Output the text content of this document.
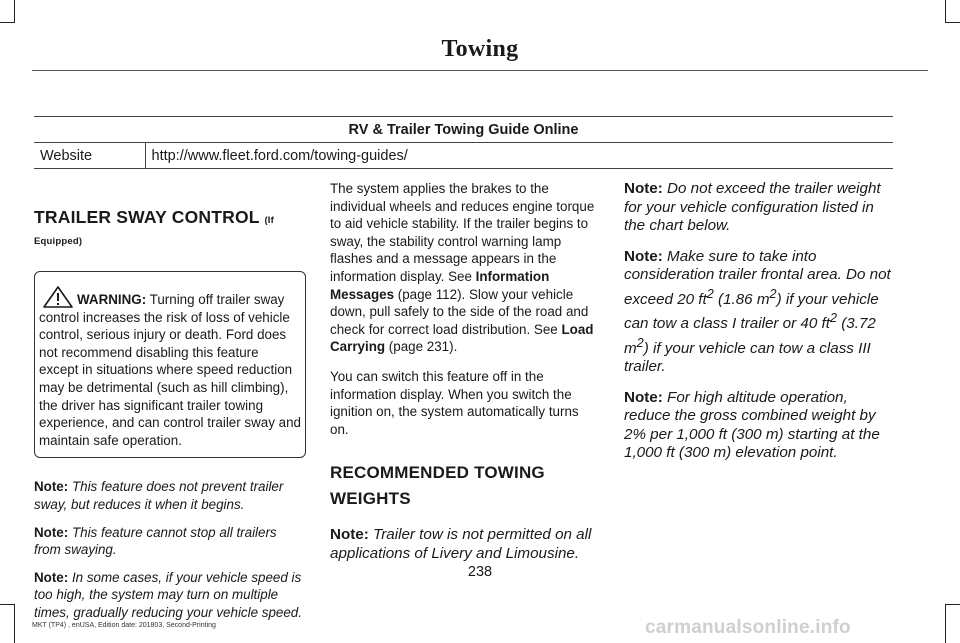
Towing
RV & Trailer Towing Guide Online
Website	http://www.fleet.ford.com/towing-guides/
TRAILER SWAY CONTROL (If Equipped)
WARNING: Turning off trailer sway control increases the risk of loss of vehicle control, serious injury or death. Ford does not recommend disabling this feature except in situations where speed reduction may be detrimental (such as hill climbing), the driver has significant trailer towing experience, and can control trailer sway and maintain safe operation.
Note: This feature does not prevent trailer sway, but reduces it when it begins.
Note: This feature cannot stop all trailers from swaying.
Note: In some cases, if your vehicle speed is too high, the system may turn on multiple times, gradually reducing your vehicle speed.
The system applies the brakes to the individual wheels and reduces engine torque to aid vehicle stability. If the trailer begins to sway, the stability control warning lamp flashes and a message appears in the information display. See Information Messages (page 112). Slow your vehicle down, pull safely to the side of the road and check for correct load distribution. See Load Carrying (page 231).
You can switch this feature off in the information display. When you switch the ignition on, the system automatically turns on.
RECOMMENDED TOWING WEIGHTS
Note: Trailer tow is not permitted on all applications of Livery and Limousine.
Note: Do not exceed the trailer weight for your vehicle configuration listed in the chart below.
Note: Make sure to take into consideration trailer frontal area. Do not exceed 20 $ft^2$ (1.86 $m^2$) if your vehicle can tow a class I trailer or 40 $ft^2$ (3.72 $m^2$) if your vehicle can tow a class III trailer.
Note: For high altitude operation, reduce the gross combined weight by 2% per 1,000 ft (300 m) starting at the 1,000 ft (300 m) elevation point.
238
MKT (TP4) , enUSA, Edition date: 201803, Second-Printing	carmanualsonline.info
